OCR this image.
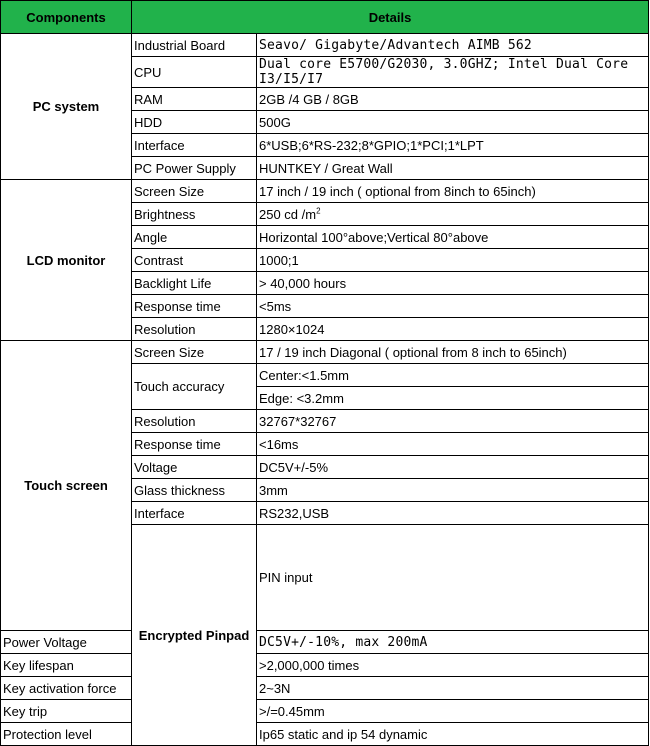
Components	Details		
PC system	Industrial Board	Seavo/ Gigabyte/Advantech AIMB 562	
	CPU	Dual core E5700/G2030, 3.0GHZ; Intel Dual Core I3/I5/I7	
	RAM	2GB /4 GB / 8GB	
	HDD	500G	
	Interface	6*USB;6*RS-232;8*GPIO;1*PCI;1*LPT	
	PC Power Supply	HUNTKEY / Great Wall	
LCD monitor	Screen Size	17 inch / 19 inch ( optional from 8inch to 65inch)	
	Brightness	250 cd $/m^2$
	Angle	Horizontal 100°above;Vertical 80°above	
	Contrast	1000;1	
	Backlight Life	> 40,000 hours	
	Response time	<5ms	
	Resolution	1280×1024	
Touch screen	Screen Size	17 / 19 inch Diagonal ( optional from 8 inch to 65inch)	
	Touch accuracy	Center:<1.5mm	
		Edge: <3.2mm	
	Resolution	32767*32767	
	Response time	<16ms	
	Voltage	DC5V+/-5%	
	Glass thickness	3mm	
	Interface	RS232,USB	
	Encrypted Pinpad	PIN input	
Power Voltage		DC5V+/-10%, max 200mA	
Key lifespan		>2,000,000 times	
Key activation force		2~3N	
Key trip		>/=0.45mm	
Protection level		Ip65 static and ip 54 dynamic	
